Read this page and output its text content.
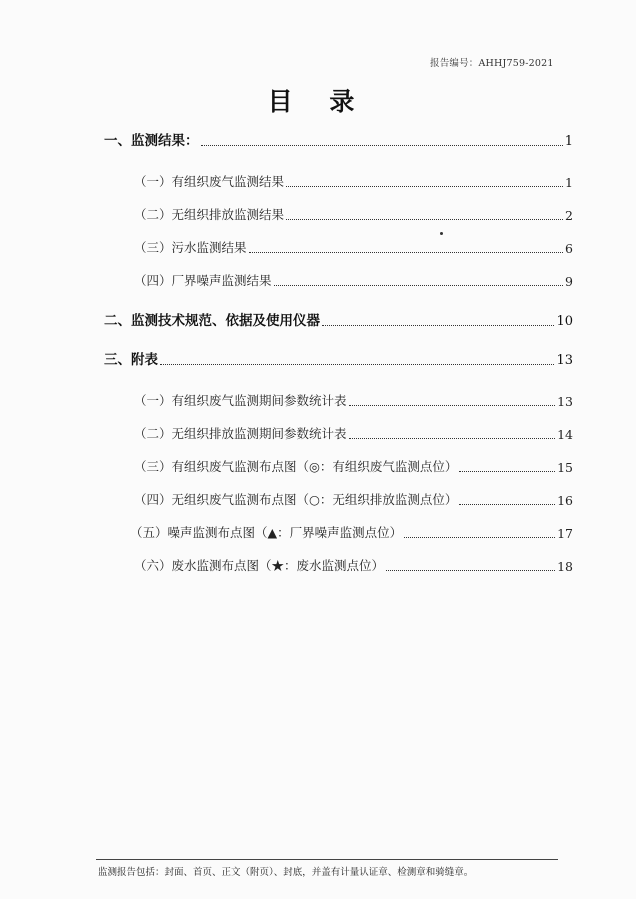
报告编号：AHHJ759-2021
目 录
一、监测结果：	1
（一）有组织废气监测结果	1
（二）无组织排放监测结果	2
（三）污水监测结果	6
（四）厂界噪声监测结果	9
二、监测技术规范、依据及使用仪器	10
三、附表	13
（一）有组织废气监测期间参数统计表	13
（二）无组织排放监测期间参数统计表	14
（三）有组织废气监测布点图（◎：有组织废气监测点位）	15
（四）无组织废气监测布点图（○：无组织排放监测点位）	16
（五）噪声监测布点图（▲：厂界噪声监测点位）	17
（六）废水监测布点图（★：废水监测点位）	18
监测报告包括：封面、首页、正文（附页）、封底，并盖有计量认证章、检测章和骑缝章。
